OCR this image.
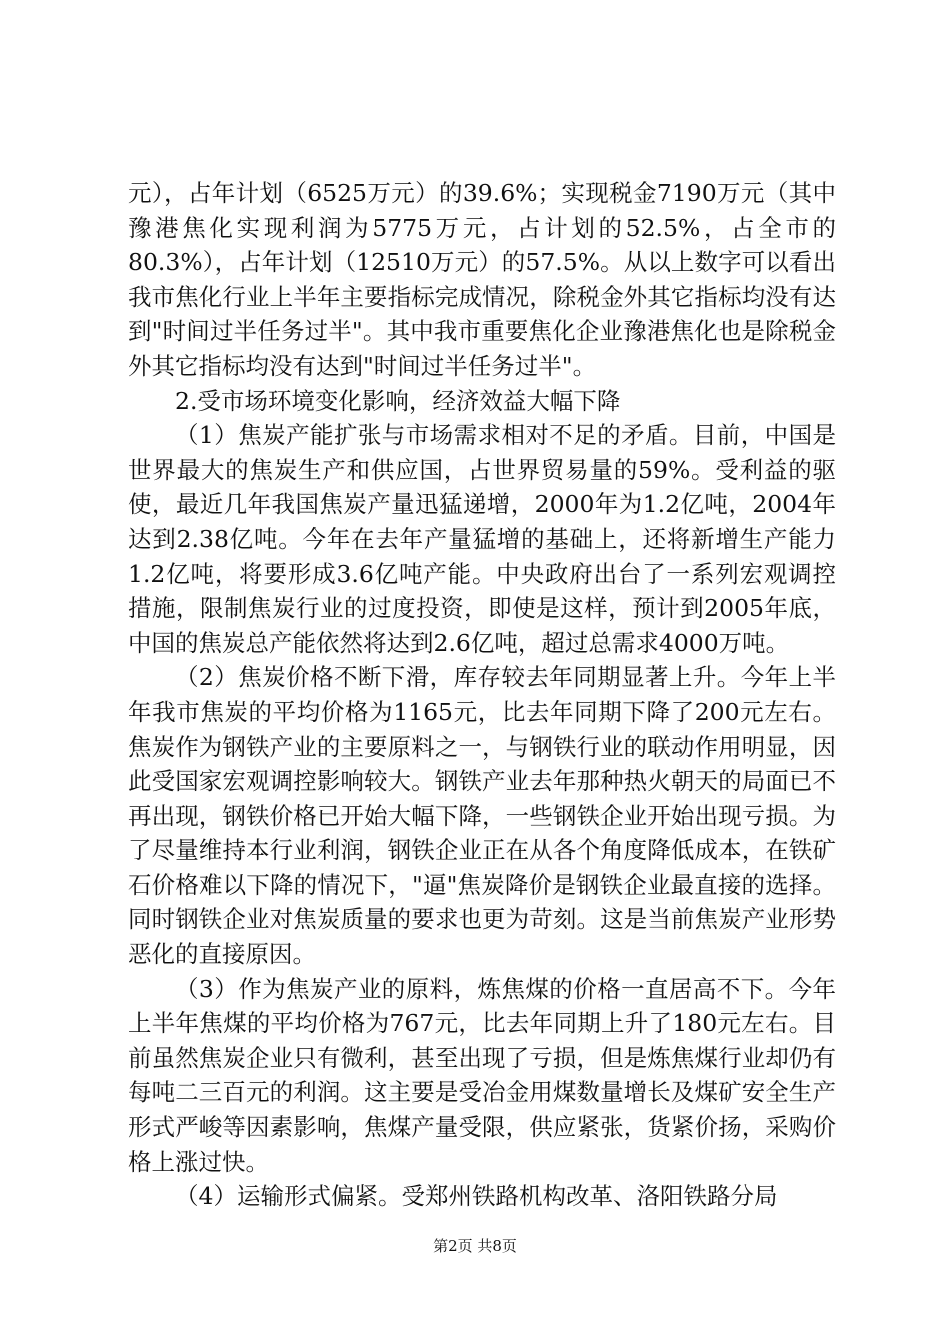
元），占年计划（6525万元）的39.6%；实现税金7190万元（其中豫港焦化实现利润为5775万元，占计划的52.5%，占全市的80.3%），占年计划（12510万元）的57.5%。从以上数字可以看出我市焦化行业上半年主要指标完成情况，除税金外其它指标均没有达到"时间过半任务过半"。其中我市重要焦化企业豫港焦化也是除税金外其它指标均没有达到"时间过半任务过半"。

2.受市场环境变化影响，经济效益大幅下降

（1）焦炭产能扩张与市场需求相对不足的矛盾。目前，中国是世界最大的焦炭生产和供应国，占世界贸易量的59%。受利益的驱使，最近几年我国焦炭产量迅猛递增，2000年为1.2亿吨，2004年达到2.38亿吨。今年在去年产量猛增的基础上，还将新增生产能力1.2亿吨，将要形成3.6亿吨产能。中央政府出台了一系列宏观调控措施，限制焦炭行业的过度投资，即使是这样，预计到2005年底，中国的焦炭总产能依然将达到2.6亿吨，超过总需求4000万吨。

（2）焦炭价格不断下滑，库存较去年同期显著上升。今年上半年我市焦炭的平均价格为1165元，比去年同期下降了200元左右。焦炭作为钢铁产业的主要原料之一，与钢铁行业的联动作用明显，因此受国家宏观调控影响较大。钢铁产业去年那种热火朝天的局面已不再出现，钢铁价格已开始大幅下降，一些钢铁企业开始出现亏损。为了尽量维持本行业利润，钢铁企业正在从各个角度降低成本，在铁矿石价格难以下降的情况下，"逼"焦炭降价是钢铁企业最直接的选择。同时钢铁企业对焦炭质量的要求也更为苛刻。这是当前焦炭产业形势恶化的直接原因。

（3）作为焦炭产业的原料，炼焦煤的价格一直居高不下。今年上半年焦煤的平均价格为767元，比去年同期上升了180元左右。目前虽然焦炭企业只有微利，甚至出现了亏损，但是炼焦煤行业却仍有每吨二三百元的利润。这主要是受冶金用煤数量增长及煤矿安全生产形式严峻等因素影响，焦煤产量受限，供应紧张，货紧价扬，采购价格上涨过快。

（4）运输形式偏紧。受郑州铁路机构改革、洛阳铁路分局

第2页 共8页
